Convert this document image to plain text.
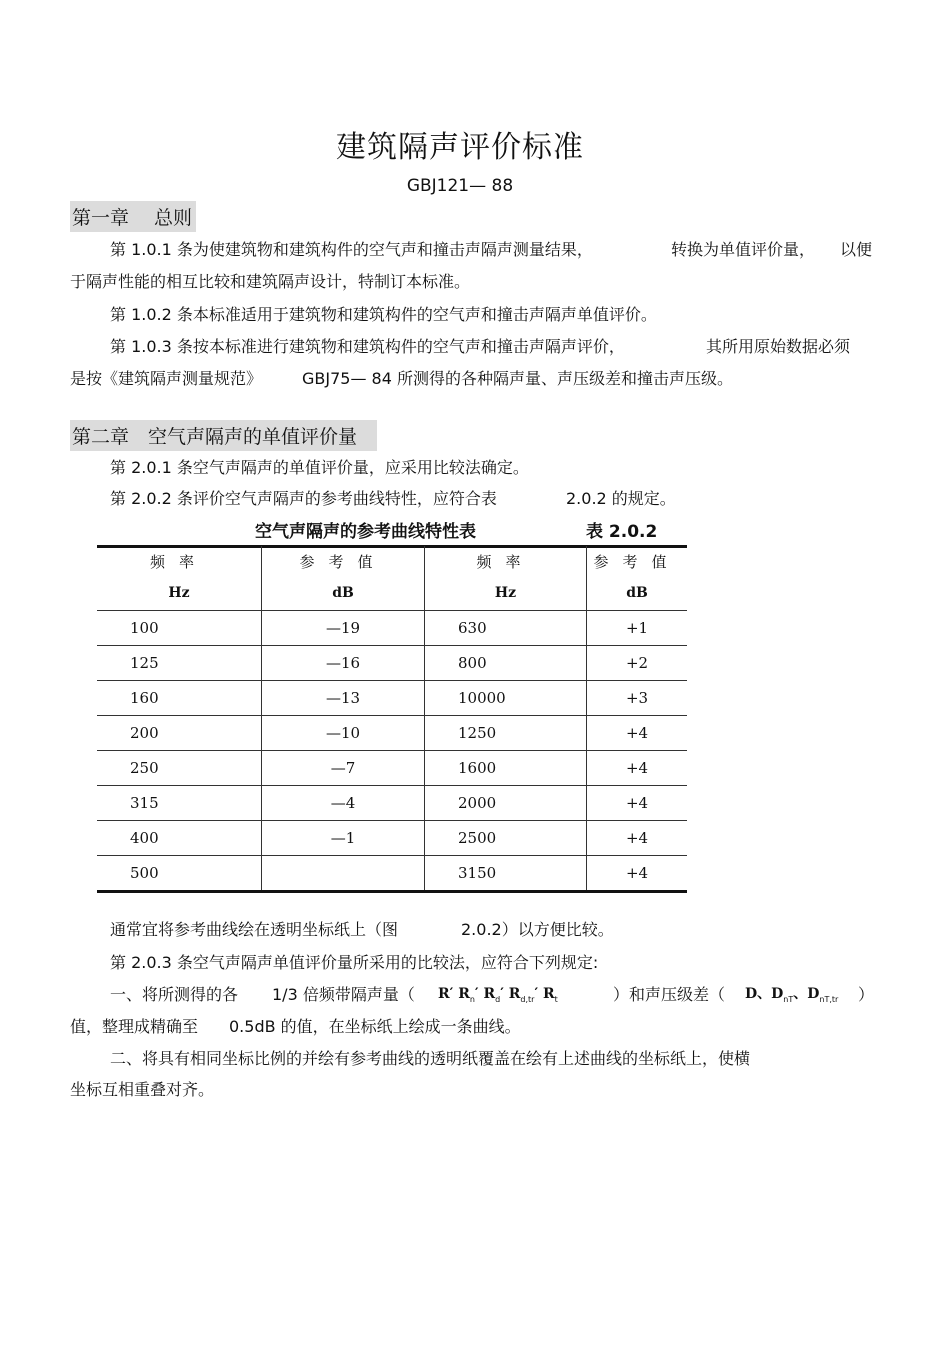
建筑隔声评价标准
GBJ121— 88
第一章　 总则
第 1.0.1 条为使建筑物和建筑构件的空气声和撞击声隔声测量结果，	转换为单值评价量， 以便
于隔声性能的相互比较和建筑隔声设计，特制订本标准。
第 1.0.2 条本标准适用于建筑物和建筑构件的空气声和撞击声隔声单值评价。
第 1.0.3 条按本标准进行建筑物和建筑构件的空气声和撞击声隔声评价，	其所用原始数据必须
是按《建筑隔声测量规范》 GBJ75— 84 所测得的各种隔声量、声压级差和撞击声压级。
第二章　空气声隔声的单值评价量
第 2.0.1 条空气声隔声的单值评价量，应采用比较法确定。
第 2.0.2 条评价空气声隔声的参考曲线特性，应符合表	2.0.2 的规定。
空气声隔声的参考曲线特性表	表 2.0.2
频率	参考值	频率	参考值
Hz	dB	Hz	dB
100	—19	630	+1
125	—16	800	+2
160	—13	10000	+3
200	—10	1250	+4
250	—7	1600	+4
315	—4	2000	+4
400	—1	2500	+4
500		3150	+4
通常宜将参考曲线绘在透明坐标纸上（图	2.0.2）以方便比较。
第 2.0.3 条空气声隔声单值评价量所采用的比较法，应符合下列规定:
一、将所测得的各 1/3 倍频带隔声量（ R′ $R_n'$ $R_d'$ $R_{d,tr}'$ $R_t$	）和声压级差（ D、$D_{nT}$、$D_{nT,tr}$ ）
值，整理成精确至 0.5dB 的值，在坐标纸上绘成一条曲线。
二、将具有相同坐标比例的并绘有参考曲线的透明纸覆盖在绘有上述曲线的坐标纸上，使横
坐标互相重叠对齐。
